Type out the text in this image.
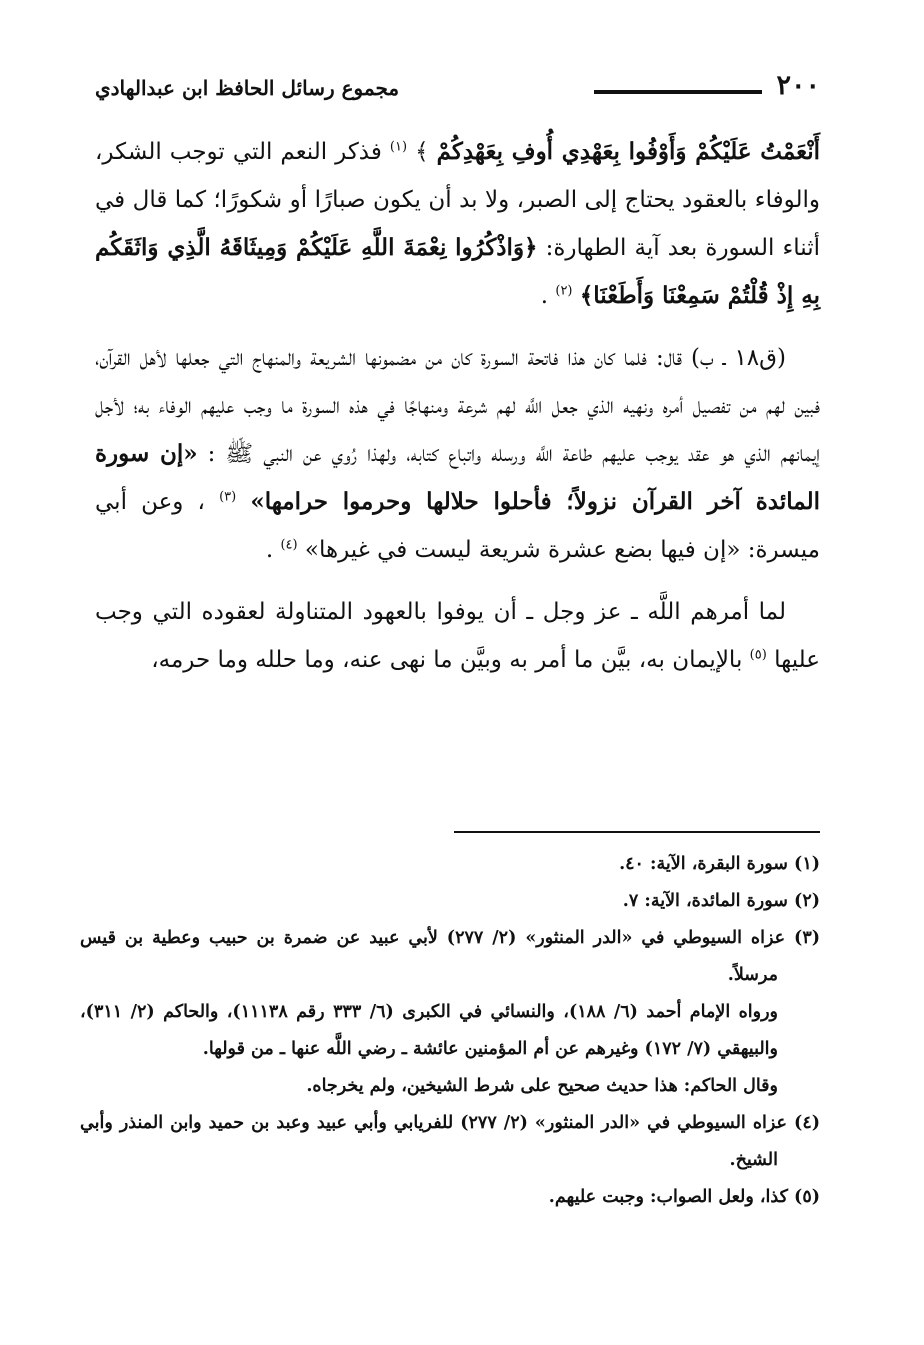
٢٠٠
مجموع رسائل الحافظ ابن عبدالهادي

أَنْعَمْتُ عَلَيْكُمْ وَأَوْفُوا بِعَهْدِي أُوفِ بِعَهْدِكُمْ ﴾ $^{(١)}$ فذكر النعم التي توجب الشكر، والوفاء بالعقود يحتاج إلى الصبر، ولا بد أن يكون صبارًا أو شكورًا؛ كما قال في أثناء السورة بعد آية الطهارة: ﴿وَاذْكُرُوا نِعْمَةَ اللَّهِ عَلَيْكُمْ وَمِيثَاقَهُ الَّذِي وَاثَقَكُم بِهِ إِذْ قُلْتُمْ سَمِعْنَا وَأَطَعْنَا﴾ $^{(٢)}$ .

(ق١٨ ـ ب) قال: فلما كان هذا فاتحة السورة كان من مضمونها الشريعة والمنهاج التي جعلها لأهل القرآن، فبين لهم من تفصيل أمره ونهيه الذي جعل اللَّه لهم شرعة ومنهاجًا في هذه السورة ما وجب عليهم الوفاء به؛ لأجل إيمانهم الذي هو عقد يوجب عليهم طاعة اللَّه ورسله واتباع كتابه، ولهذا رُوي عن النبي ﷺ : «إن سورة المائدة آخر القرآن نزولاً؛ فأحلوا حلالها وحرموا حرامها» $^{(٣)}$ ، وعن أبي ميسرة: «إن فيها بضع عشرة شريعة ليست في غيرها» $^{(٤)}$ .

لما أمرهم اللَّه ـ عز وجل ـ أن يوفوا بالعهود المتناولة لعقوده التي وجب عليها $^{(٥)}$ بالإيمان به، بيَّن ما أمر به وبيَّن ما نهى عنه، وما حلله وما حرمه،

(١) سورة البقرة، الآية: ٤٠.

(٢) سورة المائدة، الآية: ٧.

(٣) عزاه السيوطي في «الدر المنثور» (٢/ ٢٧٧) لأبي عبيد عن ضمرة بن حبيب وعطية بن قيس مرسلاً.

ورواه الإمام أحمد (٦/ ١٨٨)، والنسائي في الكبرى (٦/ ٣٣٣ رقم ١١١٣٨)، والحاكم (٢/ ٣١١)، والبيهقي (٧/ ١٧٢) وغيرهم عن أم المؤمنين عائشة ـ رضي اللَّه عنها ـ من قولها.

وقال الحاكم: هذا حديث صحيح على شرط الشيخين، ولم يخرجاه.

(٤) عزاه السيوطي في «الدر المنثور» (٢/ ٢٧٧) للفريابي وأبي عبيد وعبد بن حميد وابن المنذر وأبي الشيخ.

(٥) كذا، ولعل الصواب: وجبت عليهم.
